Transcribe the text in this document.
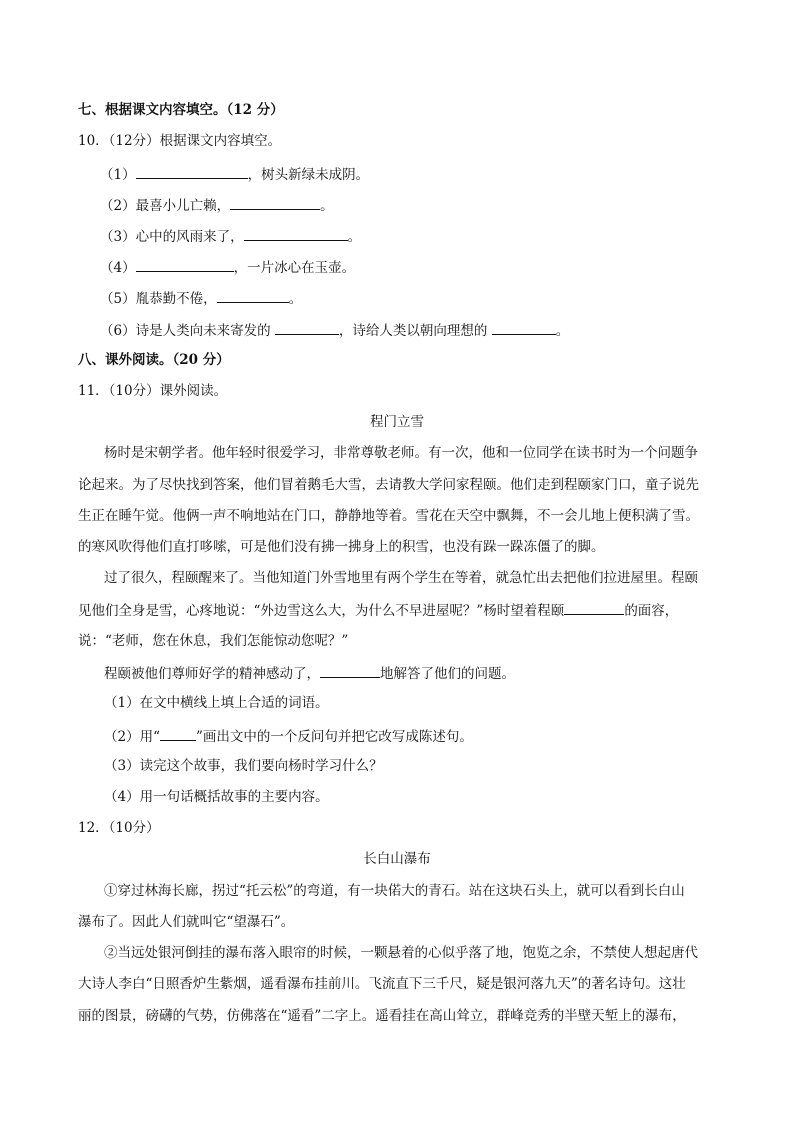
七、根据课文内容填空。（12 分）
10．（12分）根据课文内容填空。
（1）	，树头新绿未成阴。
（2）最喜小儿亡赖，	。
（3）心中的风雨来了，	。
（4）	，一片冰心在玉壶。
（5）胤恭勤不倦，	。
（6）诗是人类向未来寄发的	，诗给人类以朝向理想的	。
八、课外阅读。（20 分）
11．（10分）课外阅读。
程门立雪
杨时是宋朝学者。他年轻时很爱学习，非常尊敬老师。有一次，他和一位同学在读书时为一个问题争
论起来。为了尽快找到答案，他们冒着鹅毛大雪，去请教大学问家程颐。他们走到程颐家门口，童子说先
生正在睡午觉。他俩一声不响地站在门口，静静地等着。雪花在天空中飘舞，不一会儿地上便积满了雪。
的寒风吹得他们直打哆嗦，可是他们没有拂一拂身上的积雪，也没有跺一跺冻僵了的脚。
过了很久，程颐醒来了。当他知道门外雪地里有两个学生在等着，就急忙出去把他们拉进屋里。程颐
见他们全身是雪，心疼地说：“外边雪这么大，为什么不早进屋呢？”杨时望着程颐	的面容，
说：“老师，您在休息，我们怎能惊动您呢？”
程颐被他们尊师好学的精神感动了，	地解答了他们的问题。
（1）在文中横线上填上合适的词语。
（2）用“	”画出文中的一个反问句并把它改写成陈述句。
（3）读完这个故事，我们要向杨时学习什么？
（4）用一句话概括故事的主要内容。
12．（10分）
长白山瀑布
①穿过林海长廊，拐过“托云松”的弯道，有一块偌大的青石。站在这块石头上，就可以看到长白山
瀑布了。因此人们就叫它“望瀑石”。
②当远处银河倒挂的瀑布落入眼帘的时候，一颗悬着的心似乎落了地，饱览之余，不禁使人想起唐代
大诗人李白“日照香炉生紫烟，遥看瀑布挂前川。飞流直下三千尺，疑是银河落九天”的著名诗句。这壮
丽的图景，磅礴的气势，仿佛落在“遥看”二字上。遥看挂在高山耸立，群峰竞秀的半壁天堑上的瀑布，
